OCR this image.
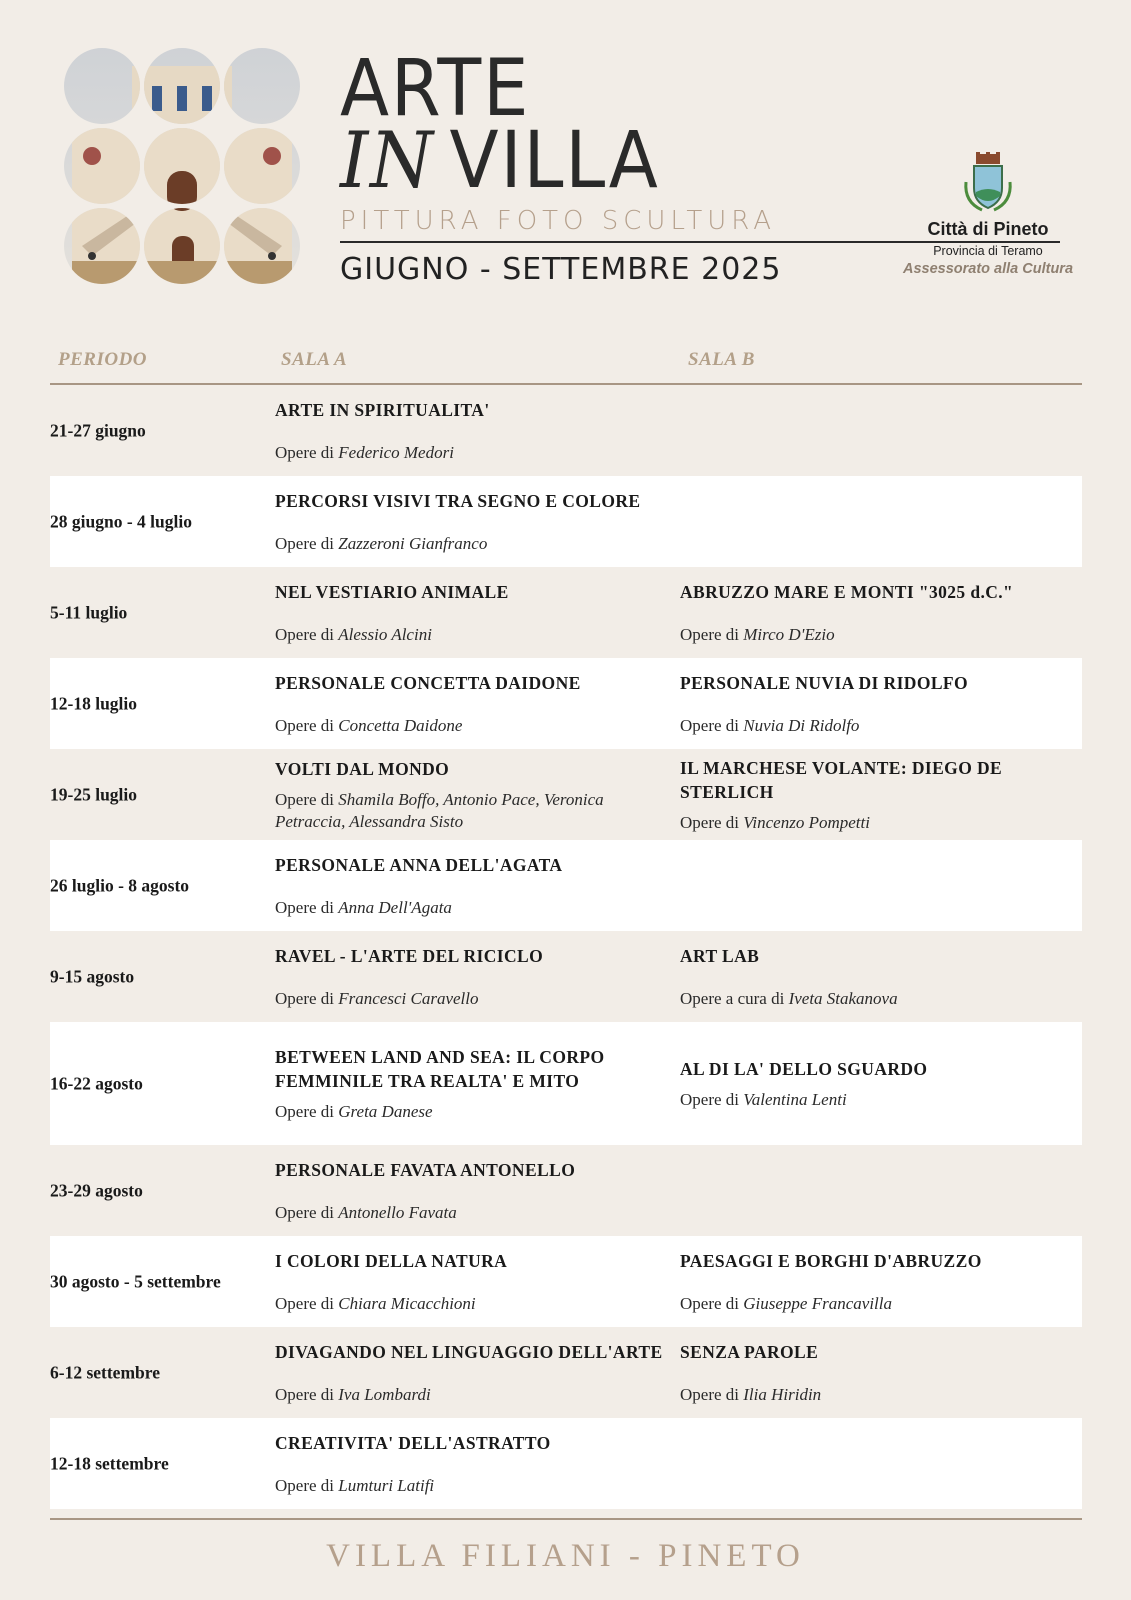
ARTE
IN VILLA
PITTURA FOTO SCULTURA
GIUGNO - SETTEMBRE 2025
Città di Pineto
Provincia di Teramo
Assessorato alla Cultura
PERIODO	SALA A	SALA B
21-27 giugno
ARTE IN SPIRITUALITA'
Opere di Federico Medori
28 giugno - 4 luglio
PERCORSI VISIVI TRA SEGNO E COLORE
Opere di Zazzeroni Gianfranco
5-11 luglio
NEL VESTIARIO ANIMALE
Opere di Alessio Alcini
ABRUZZO MARE E MONTI "3025 d.C."
Opere di Mirco D'Ezio
12-18 luglio
PERSONALE CONCETTA DAIDONE
Opere di Concetta Daidone
PERSONALE NUVIA DI RIDOLFO
Opere di Nuvia Di Ridolfo
19-25 luglio
VOLTI DAL MONDO
Opere di Shamila Boffo, Antonio Pace, Veronica Petraccia, Alessandra Sisto
IL MARCHESE VOLANTE: DIEGO DE STERLICH
Opere di Vincenzo Pompetti
26 luglio - 8 agosto
PERSONALE ANNA DELL'AGATA
Opere di Anna Dell'Agata
9-15 agosto
RAVEL - L'ARTE DEL RICICLO
Opere di Francesci Caravello
ART LAB
Opere a cura di Iveta Stakanova
16-22 agosto
BETWEEN LAND AND SEA: IL CORPO FEMMINILE TRA REALTA' E MITO
Opere di Greta Danese
AL DI LA' DELLO SGUARDO
Opere di Valentina Lenti
23-29 agosto
PERSONALE FAVATA ANTONELLO
Opere di Antonello Favata
30 agosto - 5 settembre
I COLORI DELLA NATURA
Opere di Chiara Micacchioni
PAESAGGI E BORGHI D'ABRUZZO
Opere di Giuseppe Francavilla
6-12 settembre
DIVAGANDO NEL LINGUAGGIO DELL'ARTE
Opere di Iva Lombardi
SENZA PAROLE
Opere di Ilia Hiridin
12-18 settembre
CREATIVITA' DELL'ASTRATTO
Opere di Lumturi Latifi
VILLA FILIANI - PINETO
